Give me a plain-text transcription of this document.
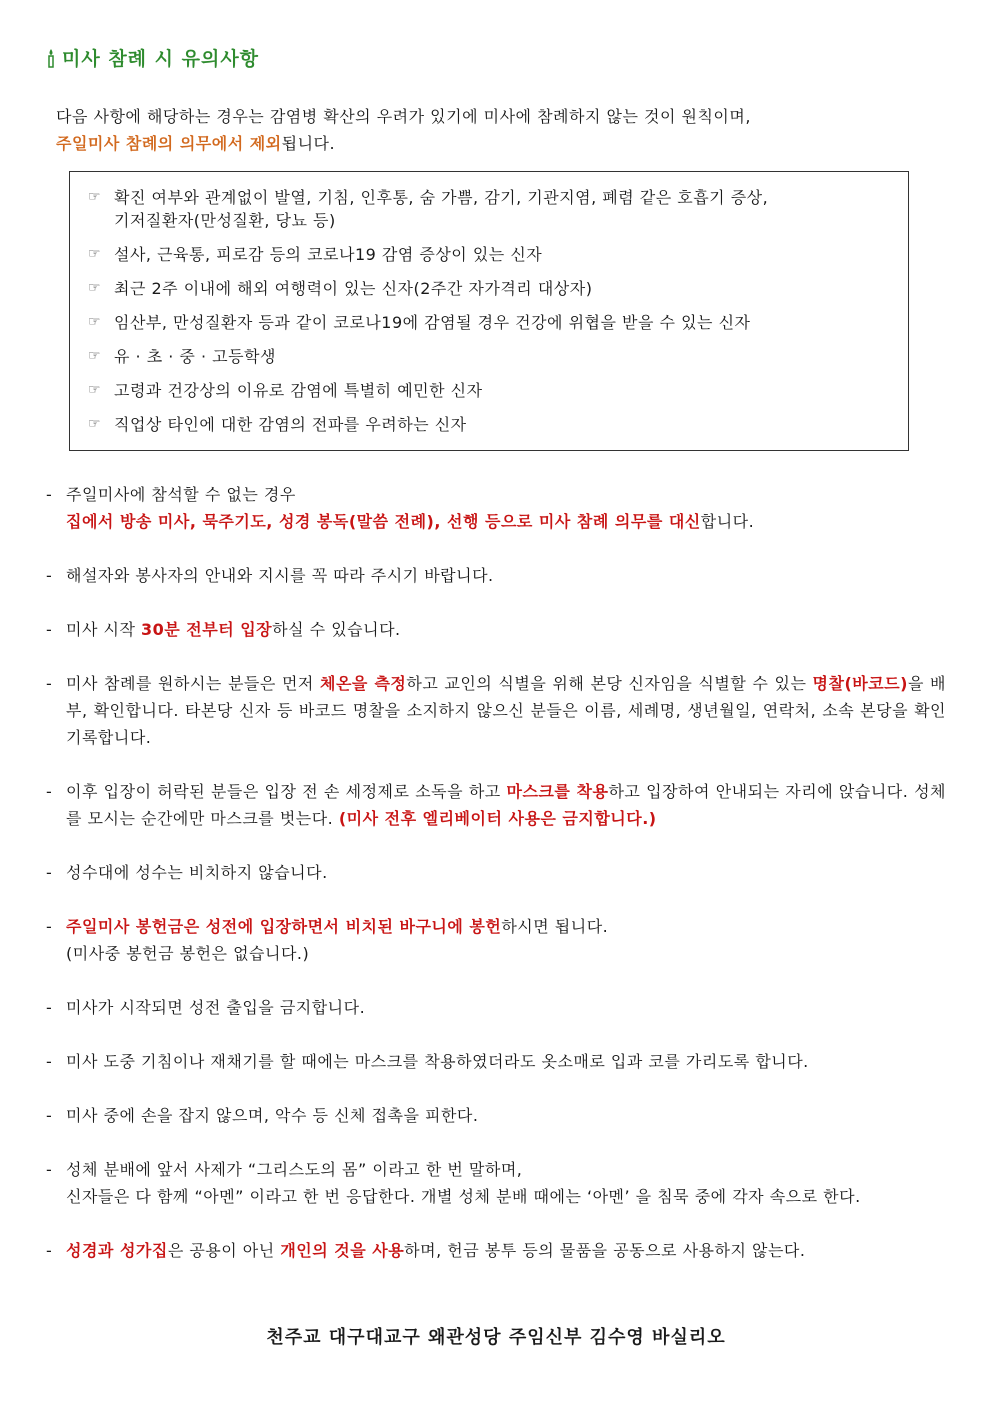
미사 참례 시 유의사항
다음 사항에 해당하는 경우는 감염병 확산의 우려가 있기에 미사에 참례하지 않는 것이 원칙이며,
주일미사 참례의 의무에서 제외됩니다.
☞ 확진 여부와 관계없이 발열, 기침, 인후통, 숨 가쁨, 감기, 기관지염, 폐렴 같은 호흡기 증상,
기저질환자(만성질환, 당뇨 등)
☞ 설사, 근육통, 피로감 등의 코로나19 감염 증상이 있는 신자
☞ 최근 2주 이내에 해외 여행력이 있는 신자(2주간 자가격리 대상자)
☞ 임산부, 만성질환자 등과 같이 코로나19에 감염될 경우 건강에 위협을 받을 수 있는 신자
☞ 유 · 초 · 중 · 고등학생
☞ 고령과 건강상의 이유로 감염에 특별히 예민한 신자
☞ 직업상 타인에 대한 감염의 전파를 우려하는 신자
- 주일미사에 참석할 수 없는 경우

집에서 방송 미사, 묵주기도, 성경 봉독(말씀 전례), 선행 등으로 미사 참례 의무를 대신합니다.

- 해설자와 봉사자의 안내와 지시를 꼭 따라 주시기 바랍니다.

- 미사 시작 30분 전부터 입장하실 수 있습니다.

- 미사 참례를 원하시는 분들은 먼저 체온을 측정하고 교인의 식별을 위해 본당 신자임을 식별할 수 있는 명찰(바코드)을 배부, 확인합니다. 타본당 신자 등 바코드 명찰을 소지하지 않으신 분들은 이름, 세례명, 생년월일, 연락처, 소속 본당을 확인 기록합니다.

- 이후 입장이 허락된 분들은 입장 전 손 세정제로 소독을 하고 마스크를 착용하고 입장하여 안내되는 자리에 앉습니다. 성체를 모시는 순간에만 마스크를 벗는다. (미사 전후 엘리베이터 사용은 금지합니다.)

- 성수대에 성수는 비치하지 않습니다.

- 주일미사 봉헌금은 성전에 입장하면서 비치된 바구니에 봉헌하시면 됩니다.

(미사중 봉헌금 봉헌은 없습니다.)

- 미사가 시작되면 성전 출입을 금지합니다.

- 미사 도중 기침이나 재채기를 할 때에는 마스크를 착용하였더라도 옷소매로 입과 코를 가리도록 합니다.

- 미사 중에 손을 잡지 않으며, 악수 등 신체 접촉을 피한다.

- 성체 분배에 앞서 사제가 “그리스도의 몸” 이라고 한 번 말하며,

신자들은 다 함께 “아멘” 이라고 한 번 응답한다. 개별 성체 분배 때에는 ‘아멘’ 을 침묵 중에 각자 속으로 한다.

- 성경과 성가집은 공용이 아닌 개인의 것을 사용하며, 헌금 봉투 등의 물품을 공동으로 사용하지 않는다.

천주교 대구대교구 왜관성당 주임신부 김수영 바실리오
